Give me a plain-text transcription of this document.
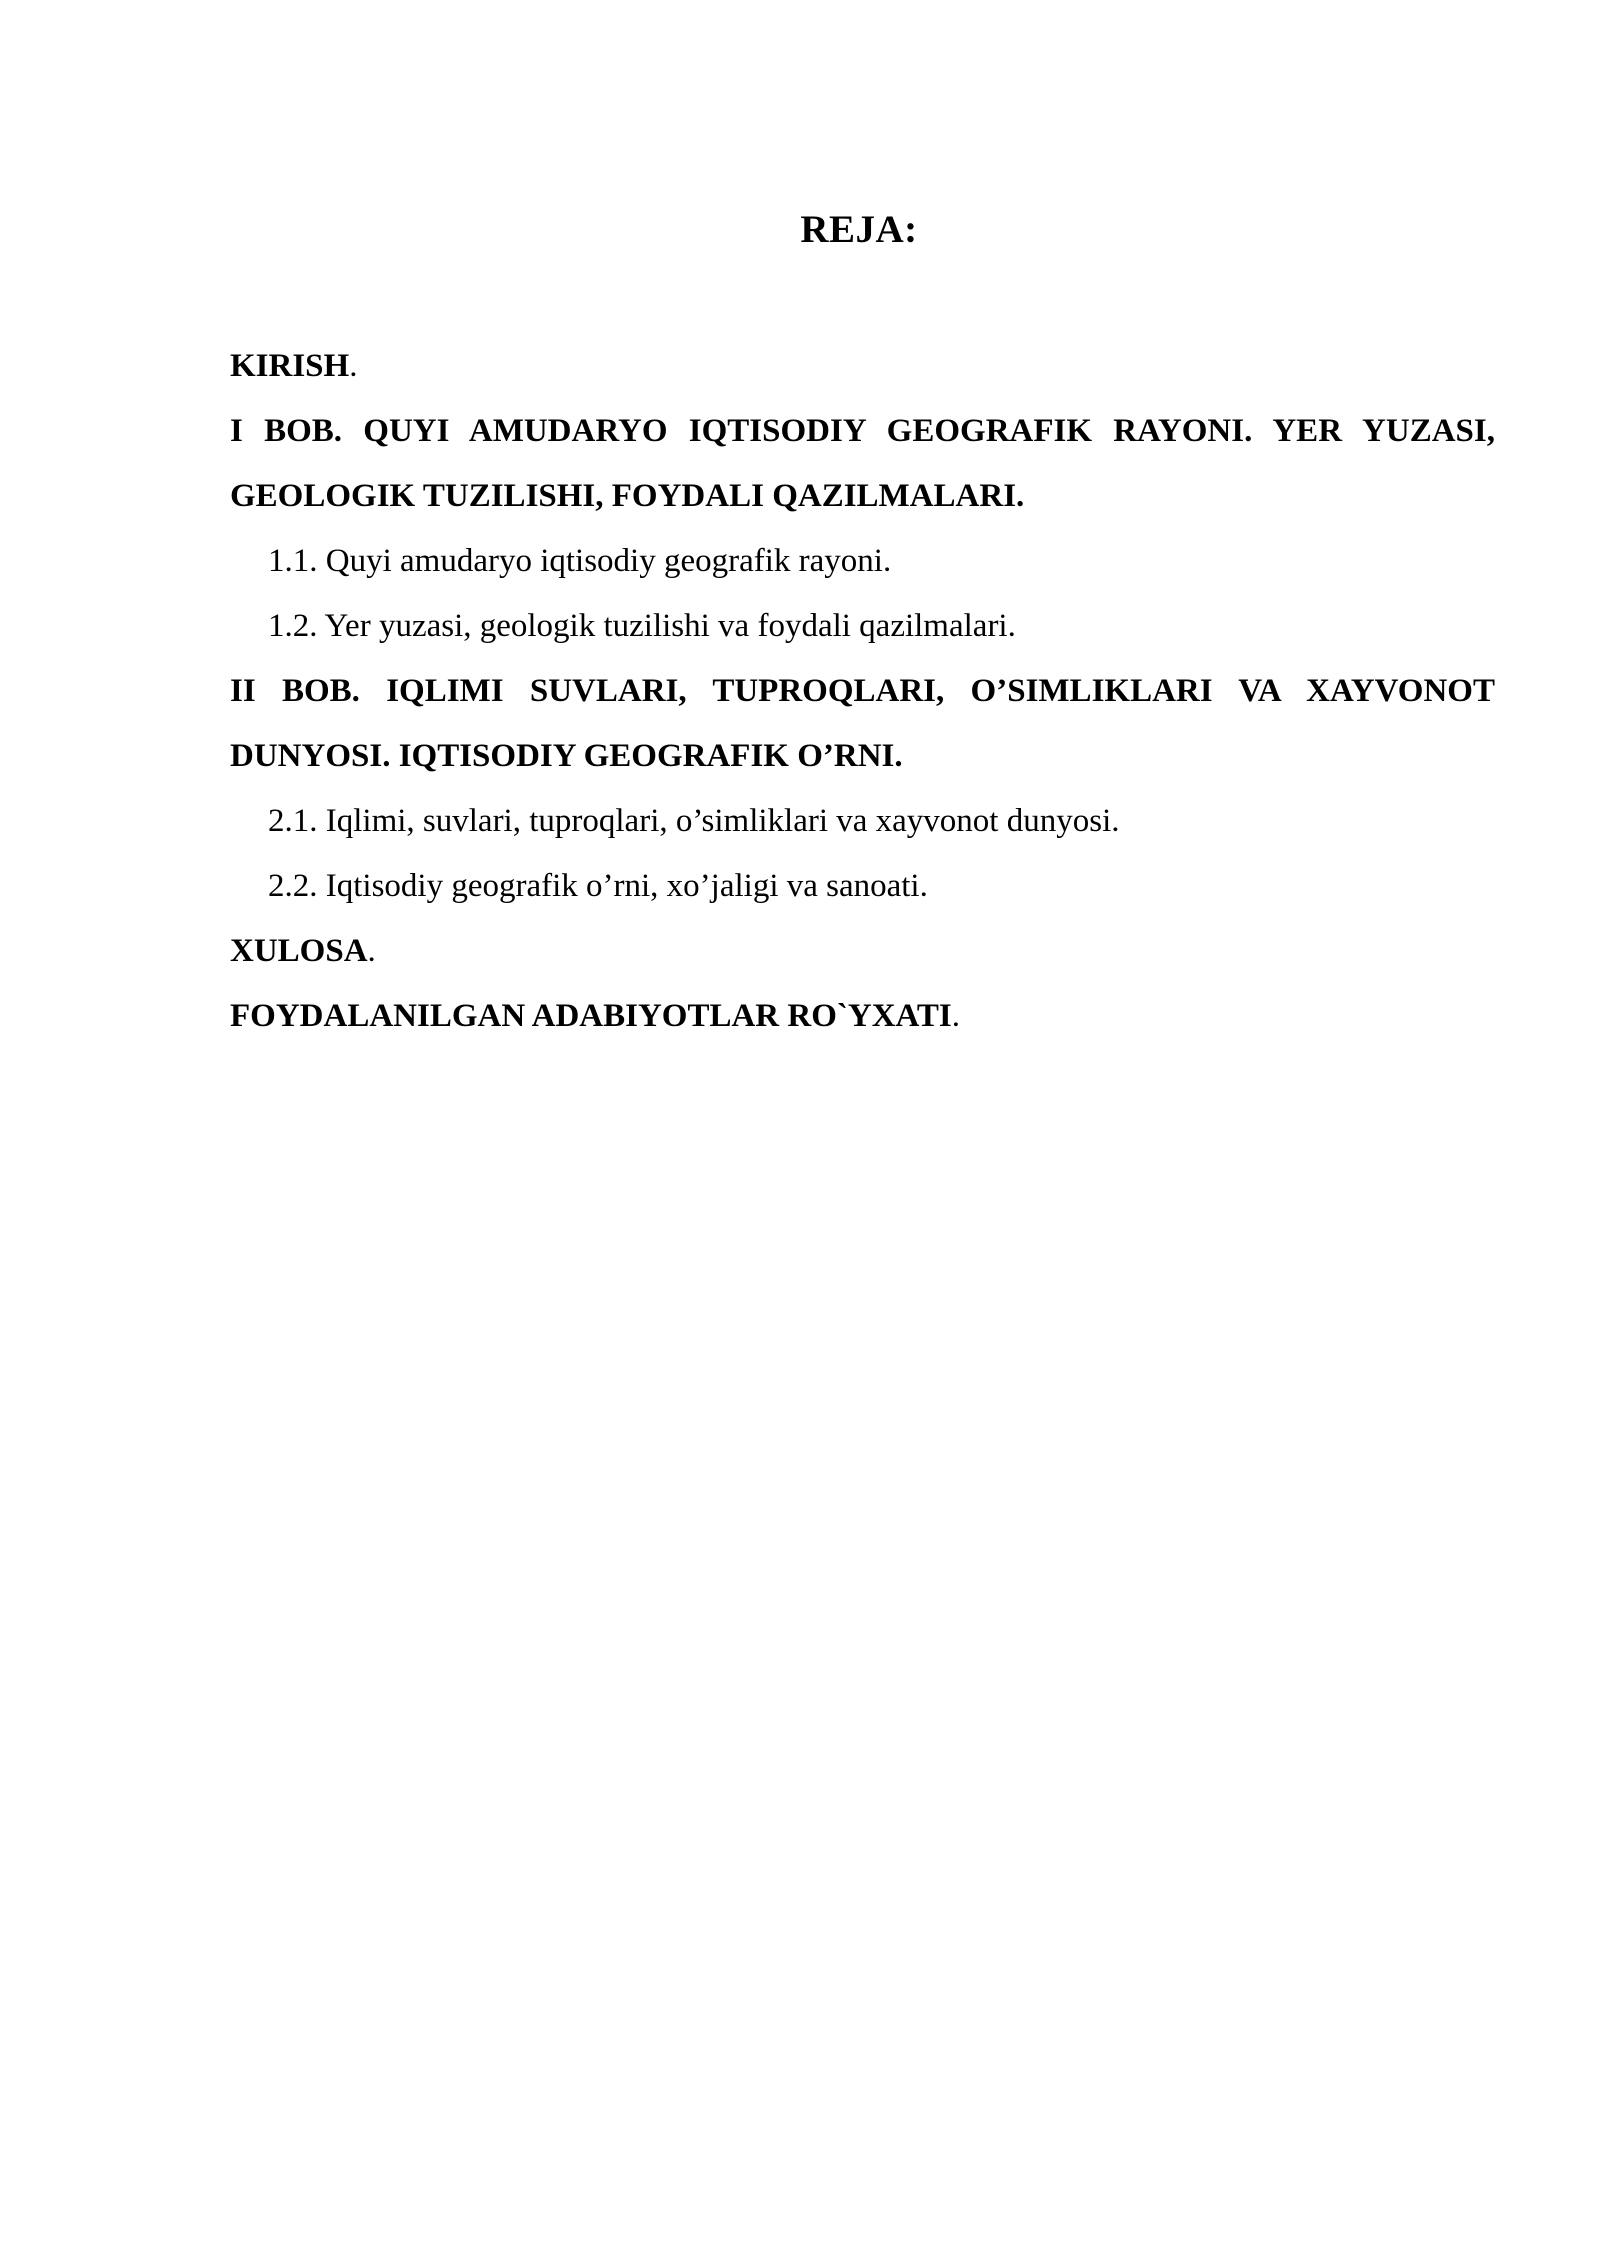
REJA:

KIRISH.

I BOB. QUYI AMUDARYO IQTISODIY GEOGRAFIK RAYONI. YER YUZASI, GEOLOGIK TUZILISHI, FOYDALI QAZILMALARI.

1.1. Quyi amudaryo iqtisodiy geografik rayoni.

1.2. Yer yuzasi, geologik tuzilishi va foydali qazilmalari.

II BOB. IQLIMI SUVLARI, TUPROQLARI, O’SIMLIKLARI VA XAYVONOT DUNYOSI. IQTISODIY GEOGRAFIK O’RNI.

2.1. Iqlimi, suvlari, tuproqlari, o’simliklari va xayvonot dunyosi.

2.2. Iqtisodiy geografik o’rni, xo’jaligi va sanoati.

XULOSA.

FOYDALANILGAN ADABIYOTLAR RO`YXATI.
